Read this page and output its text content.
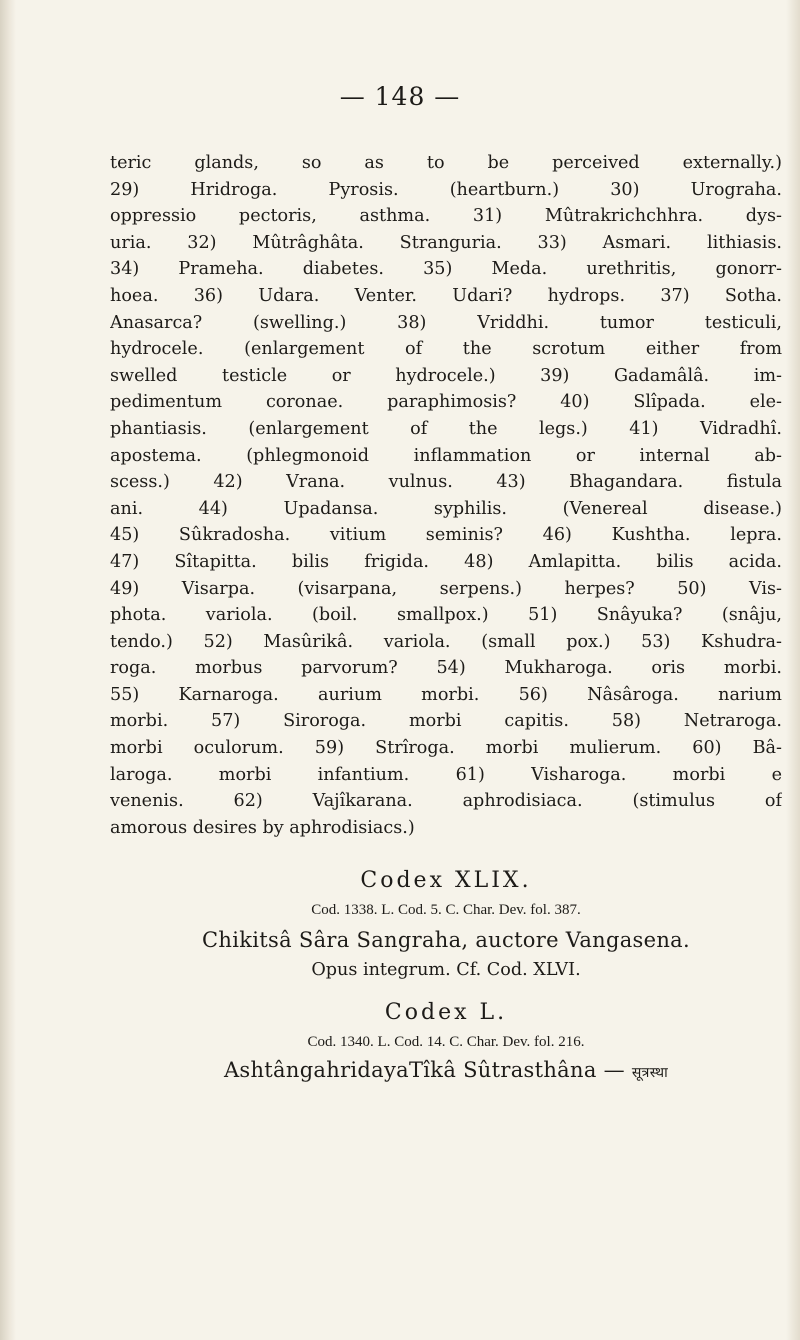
— 148 —
teric glands, so as to be perceived externally.)
29) Hridroga. Pyrosis. (heartburn.) 30) Urograha.
oppressio pectoris, asthma. 31) Mûtrakrichchhra. dys-
uria. 32) Mûtrâghâta. Stranguria. 33) Asmari. lithiasis.
34) Prameha. diabetes. 35) Meda. urethritis, gonorr-
hoea. 36) Udara. Venter. Udari? hydrops. 37) Sotha.
Anasarca? (swelling.) 38) Vriddhi. tumor testiculi,
hydrocele. (enlargement of the scrotum either from
swelled testicle or hydrocele.) 39) Gadamâlâ. im-
pedimentum coronae. paraphimosis? 40) Slîpada. ele-
phantiasis. (enlargement of the legs.) 41) Vidradhî.
apostema. (phlegmonoid inflammation or internal ab-
scess.) 42) Vrana. vulnus. 43) Bhagandara. fistula
ani. 44) Upadansa. syphilis. (Venereal disease.)
45) Sûkradosha. vitium seminis? 46) Kushtha. lepra.
47) Sîtapitta. bilis frigida. 48) Amlapitta. bilis acida.
49) Visarpa. (visarpana, serpens.) herpes? 50) Vis-
phota. variola. (boil. smallpox.) 51) Snâyuka? (snâju,
tendo.) 52) Masûrikâ. variola. (small pox.) 53) Kshudra-
roga. morbus parvorum? 54) Mukharoga. oris morbi.
55) Karnaroga. aurium morbi. 56) Nâsâroga. narium
morbi. 57) Siroroga. morbi capitis. 58) Netraroga.
morbi oculorum. 59) Strîroga. morbi mulierum. 60) Bâ-
laroga. morbi infantium. 61) Visharoga. morbi e
venenis. 62) Vajîkarana. aphrodisiaca. (stimulus of
amorous desires by aphrodisiacs.)
Codex XLIX.
Cod. 1338. L. Cod. 5. C. Char. Dev. fol. 387.
Chikitsâ Sâra Sangraha, auctore Vangasena.
Opus integrum. Cf. Cod. XLVI.
Codex L.
Cod. 1340. L. Cod. 14. C. Char. Dev. fol. 216.
AshtângahridayaTîkâ Sûtrasthâna — सूत्रस्था
